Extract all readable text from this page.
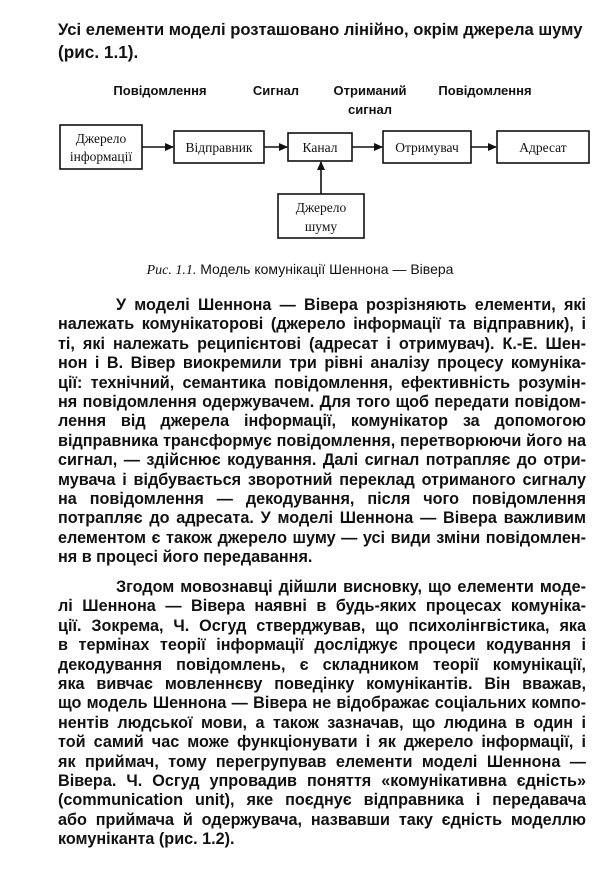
Усі елементи моделі розташовано лінійно, окрім джерела шуму
(рис. 1.1).

Повідомлення	Сигнал	Отриманий
сигнал
Повідомлення
Джерело
інформації
Відправник	Канал	Отримувач	Адресат
Джерело
шуму

Рис. 1.1. Модель комунікації Шеннона — Вівера

У моделі Шеннона — Вівера розрізняють елементи, які
належать комунікаторові (джерело інформації та відправник), і
ті, які належать реципієнтові (адресат і отримувач). К.-Е. Шен-
нон і В. Вівер виокремили три рівні аналізу процесу комуніка-
ції: технічний, семантика повідомлення, ефективність розумін-
ня повідомлення одержувачем. Для того щоб передати повідом-
лення від джерела інформації, комунікатор за допомогою
відправника трансформує повідомлення, перетворюючи його на
сигнал, — здійснює кодування. Далі сигнал потрапляє до отри-
мувача і відбувається зворотний переклад отриманого сигналу
на повідомлення — декодування, після чого повідомлення
потрапляє до адресата. У моделі Шеннона — Вівера важливим
елементом є також джерело шуму — усі види зміни повідомлен-
ня в процесі його передавання.

Згодом мовознавці дійшли висновку, що елементи моде-
лі Шеннона — Вівера наявні в будь-яких процесах комуніка-
ції. Зокрема, Ч. Осгуд стверджував, що психолінгвістика, яка
в термінах теорії інформації досліджує процеси кодування і
декодування повідомлень, є складником теорії комунікації,
яка вивчає мовленнєву поведінку комунікантів. Він вважав,
що модель Шеннона — Вівера не відображає соціальних компо-
нентів людської мови, а також зазначав, що людина в один і
той самий час може функціонувати і як джерело інформації, і
як приймач, тому перегрупував елементи моделі Шеннона —
Вівера. Ч. Осгуд упровадив поняття «комунікативна єдність»
(communication unit), яке поєднує відправника і передавача
або приймача й одержувача, назвавши таку єдність моделлю
комуніканта (рис. 1.2).
